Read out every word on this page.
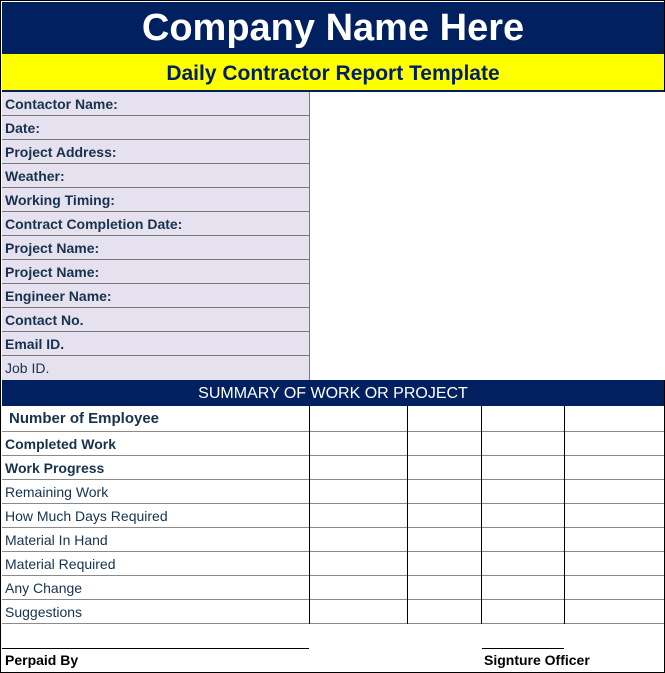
Company Name Here
Daily Contractor Report Template
Contactor Name:
Date:
Project Address:
Weather:
Working Timing:
Contract Completion Date:
Project Name:
Project Name:
Engineer Name:
Contact No.
Email ID.
Job ID.
SUMMARY OF WORK OR PROJECT
Number of Employee
Completed Work
Work Progress
Remaining Work
How Much Days Required
Material In Hand
Material Required
Any Change
Suggestions
Perpaid By	Signture Officer
